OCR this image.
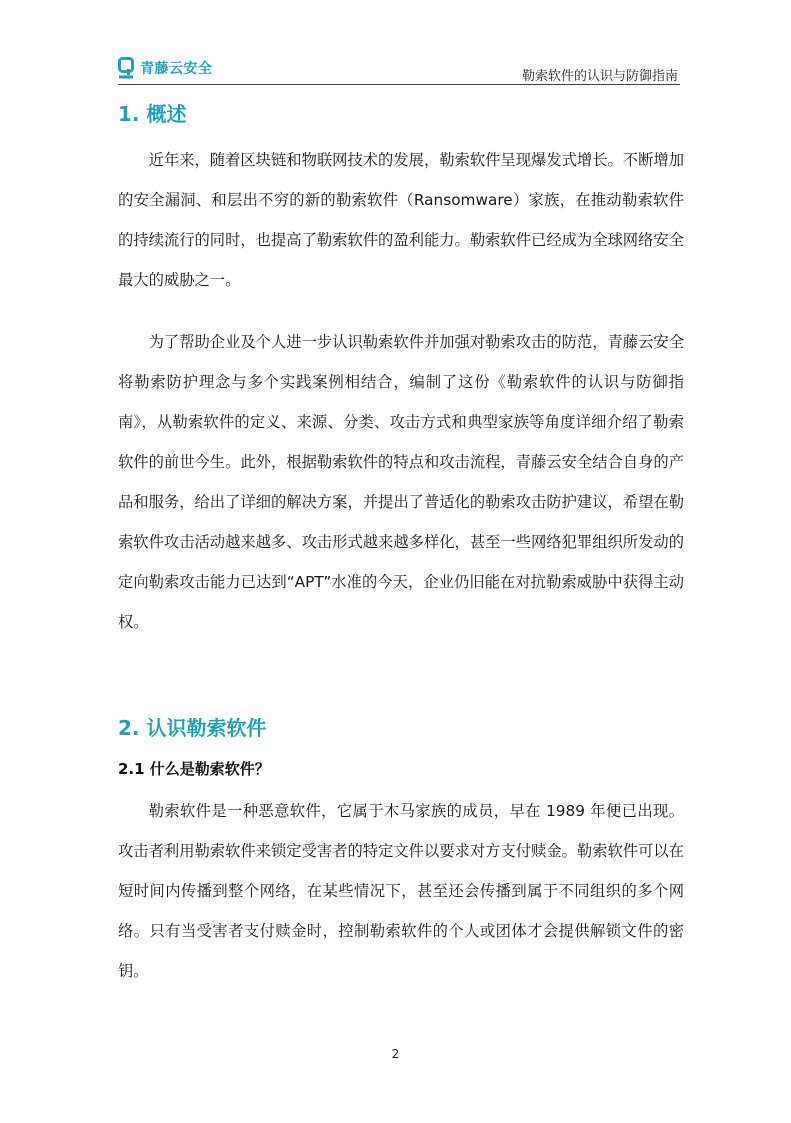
青藤云安全	勒索软件的认识与防御指南
1. 概述

近年来，随着区块链和物联网技术的发展，勒索软件呈现爆发式增长。不断增加的安全漏洞、和层出不穷的新的勒索软件（Ransomware）家族，在推动勒索软件的持续流行的同时，也提高了勒索软件的盈利能力。勒索软件已经成为全球网络安全最大的威胁之一。

为了帮助企业及个人进一步认识勒索软件并加强对勒索攻击的防范，青藤云安全将勒索防护理念与多个实践案例相结合，编制了这份《勒索软件的认识与防御指南》，从勒索软件的定义、来源、分类、攻击方式和典型家族等角度详细介绍了勒索软件的前世今生。此外，根据勒索软件的特点和攻击流程，青藤云安全结合自身的产品和服务，给出了详细的解决方案，并提出了普适化的勒索攻击防护建议，希望在勒索软件攻击活动越来越多、攻击形式越来越多样化，甚至一些网络犯罪组织所发动的定向勒索攻击能力已达到“APT”水准的今天，企业仍旧能在对抗勒索威胁中获得主动权。

2. 认识勒索软件
2.1 什么是勒索软件？

勒索软件是一种恶意软件，它属于木马家族的成员，早在 1989 年便已出现。攻击者利用勒索软件来锁定受害者的特定文件以要求对方支付赎金。勒索软件可以在短时间内传播到整个网络，在某些情况下，甚至还会传播到属于不同组织的多个网络。只有当受害者支付赎金时，控制勒索软件的个人或团体才会提供解锁文件的密钥。

2
